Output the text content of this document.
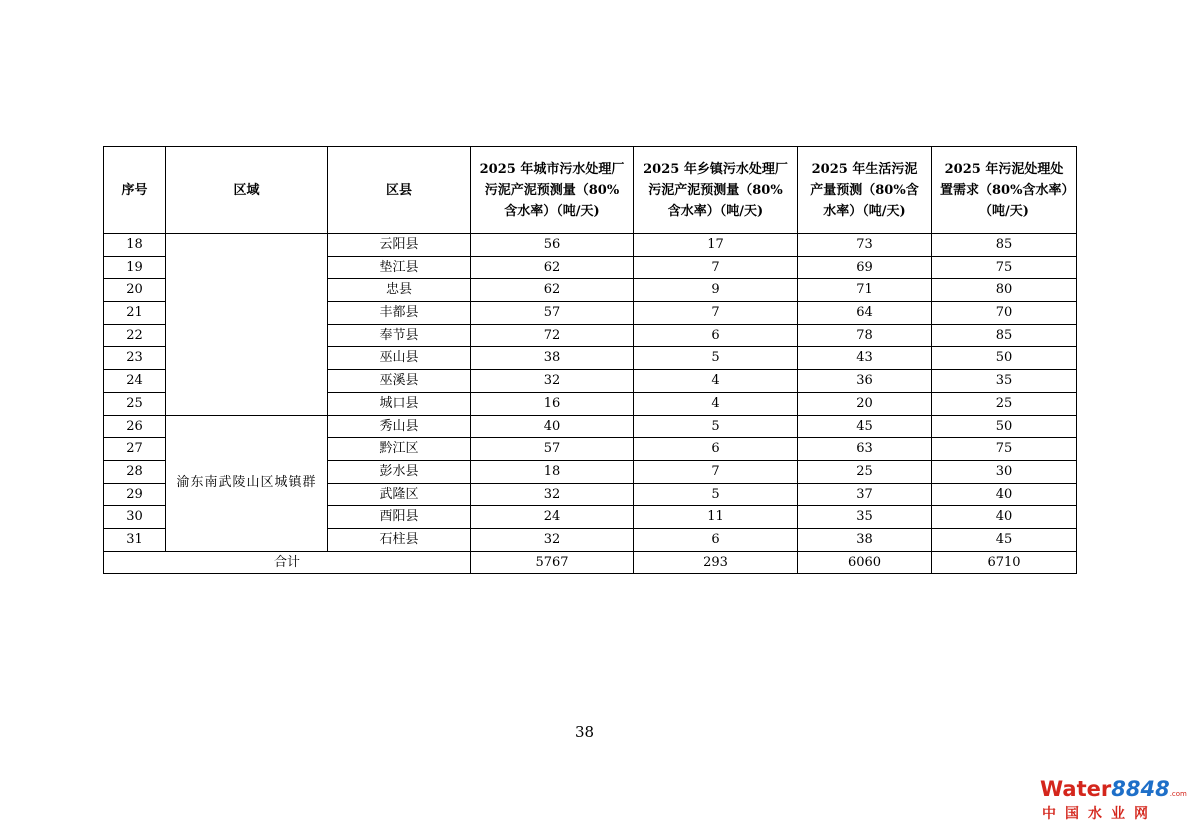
序号	区域	区县	2025 年城市污水处理厂污泥产泥预测量（80%含水率）（吨/天)	2025 年乡镇污水处理厂污泥产泥预测量（80%含水率）（吨/天)	2025 年生活污泥产量预测（80%含水率）（吨/天)	2025 年污泥处理处置需求（80%含水率）（吨/天)
18		云阳县	56	17	73	85
19		垫江县	62	7	69	75
20		忠县	62	9	71	80
21		丰都县	57	7	64	70
22		奉节县	72	6	78	85
23		巫山县	38	5	43	50
24		巫溪县	32	4	36	35
25		城口县	16	4	20	25
26	渝东南武陵山区城镇群	秀山县	40	5	45	50
27		黔江区	57	6	63	75
28		彭水县	18	7	25	30
29		武隆区	32	5	37	40
30		酉阳县	24	11	35	40
31		石柱县	32	6	38	45
合计			5767	293	6060	6710
38
Water8848.com
中国水业网
